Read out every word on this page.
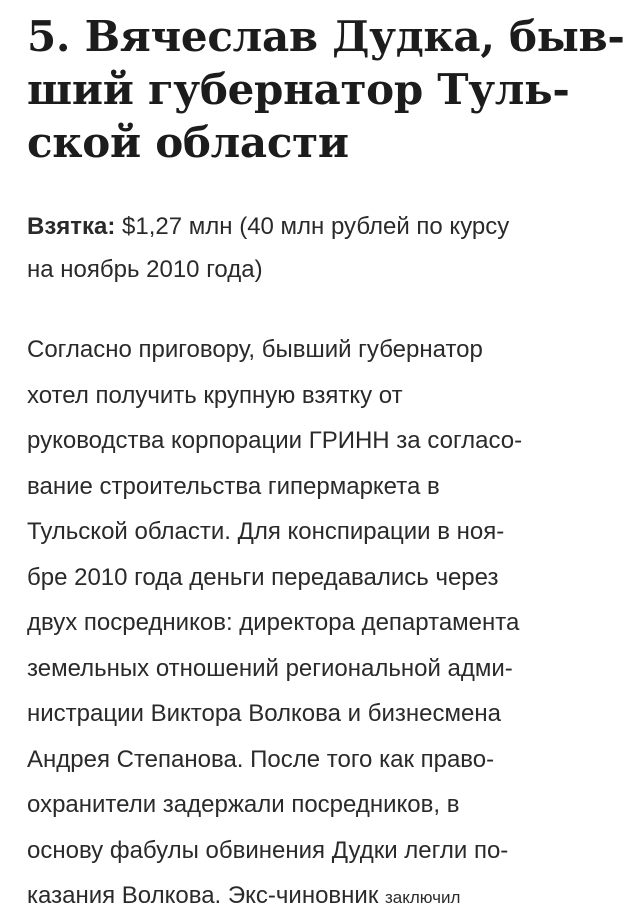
5. Вячеслав Дудка, быв-
ший губернатор Туль-
ской области

Взятка: $1,27 млн (40 млн рублей по курсу
на ноябрь 2010 года)

Согласно приговору, бывший губернатор
хотел получить крупную взятку от
руководства корпорации ГРИНН за согласо-
вание строительства гипермаркета в
Тульской области. Для конспирации в ноя-
бре 2010 года деньги передавались через
двух посредников: директора департамента
земельных отношений региональной адми-
нистрации Виктора Волкова и бизнесмена
Андрея Степанова. После того как право-
охранители задержали посредников, в
основу фабулы обвинения Дудки легли по-
казания Волкова. Экс-чиновник заключил
